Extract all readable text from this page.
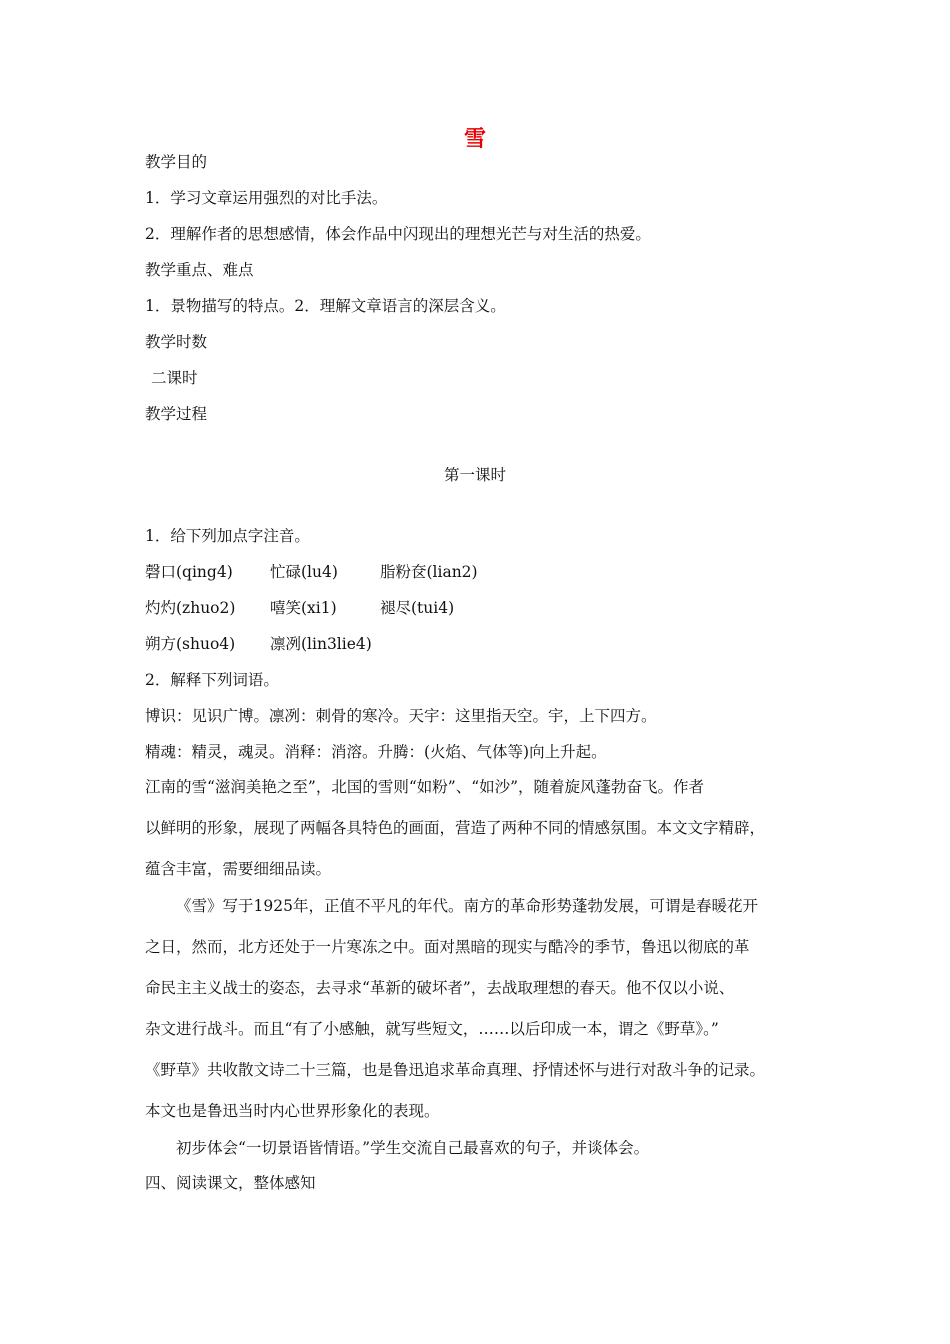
雪
教学目的
1．学习文章运用强烈的对比手法。
2．理解作者的思想感情，体会作品中闪现出的理想光芒与对生活的热爱。
教学重点、难点
1．景物描写的特点。2．理解文章语言的深层含义。
教学时数
二课时
教学过程
第一课时
1．给下列加点字注音。
磬口(qing4) 忙碌(lu4)	脂粉奁(lian2)
灼灼(zhuo2) 嘻笑(xi1)	褪尽(tui4)
朔方(shuo4) 凛冽(lin3lie4)
2．解释下列词语。
博识：见识广博。凛冽：刺骨的寒冷。天宇：这里指天空。宇，上下四方。
精魂：精灵，魂灵。消释：消溶。升腾：(火焰、气体等)向上升起。
江南的雪“滋润美艳之至”，北国的雪则“如粉”、“如沙”，随着旋风蓬勃奋飞。作者
以鲜明的形象，展现了两幅各具特色的画面，营造了两种不同的情感氛围。本文文字精辟，
蕴含丰富，需要细细品读。
《雪》写于1925年，正值不平凡的年代。南方的革命形势蓬勃发展，可谓是春暖花开
之日，然而，北方还处于一片寒冻之中。面对黑暗的现实与酷冷的季节，鲁迅以彻底的革
命民主主义战士的姿态，去寻求“革新的破坏者”，去战取理想的春天。他不仅以小说、
杂文进行战斗。而且“有了小感触，就写些短文，……以后印成一本，谓之《野草》。”
《野草》共收散文诗二十三篇，也是鲁迅追求革命真理、抒情述怀与进行对敌斗争的记录。
本文也是鲁迅当时内心世界形象化的表现。
初步体会“一切景语皆情语。”学生交流自己最喜欢的句子，并谈体会。
四、阅读课文，整体感知
